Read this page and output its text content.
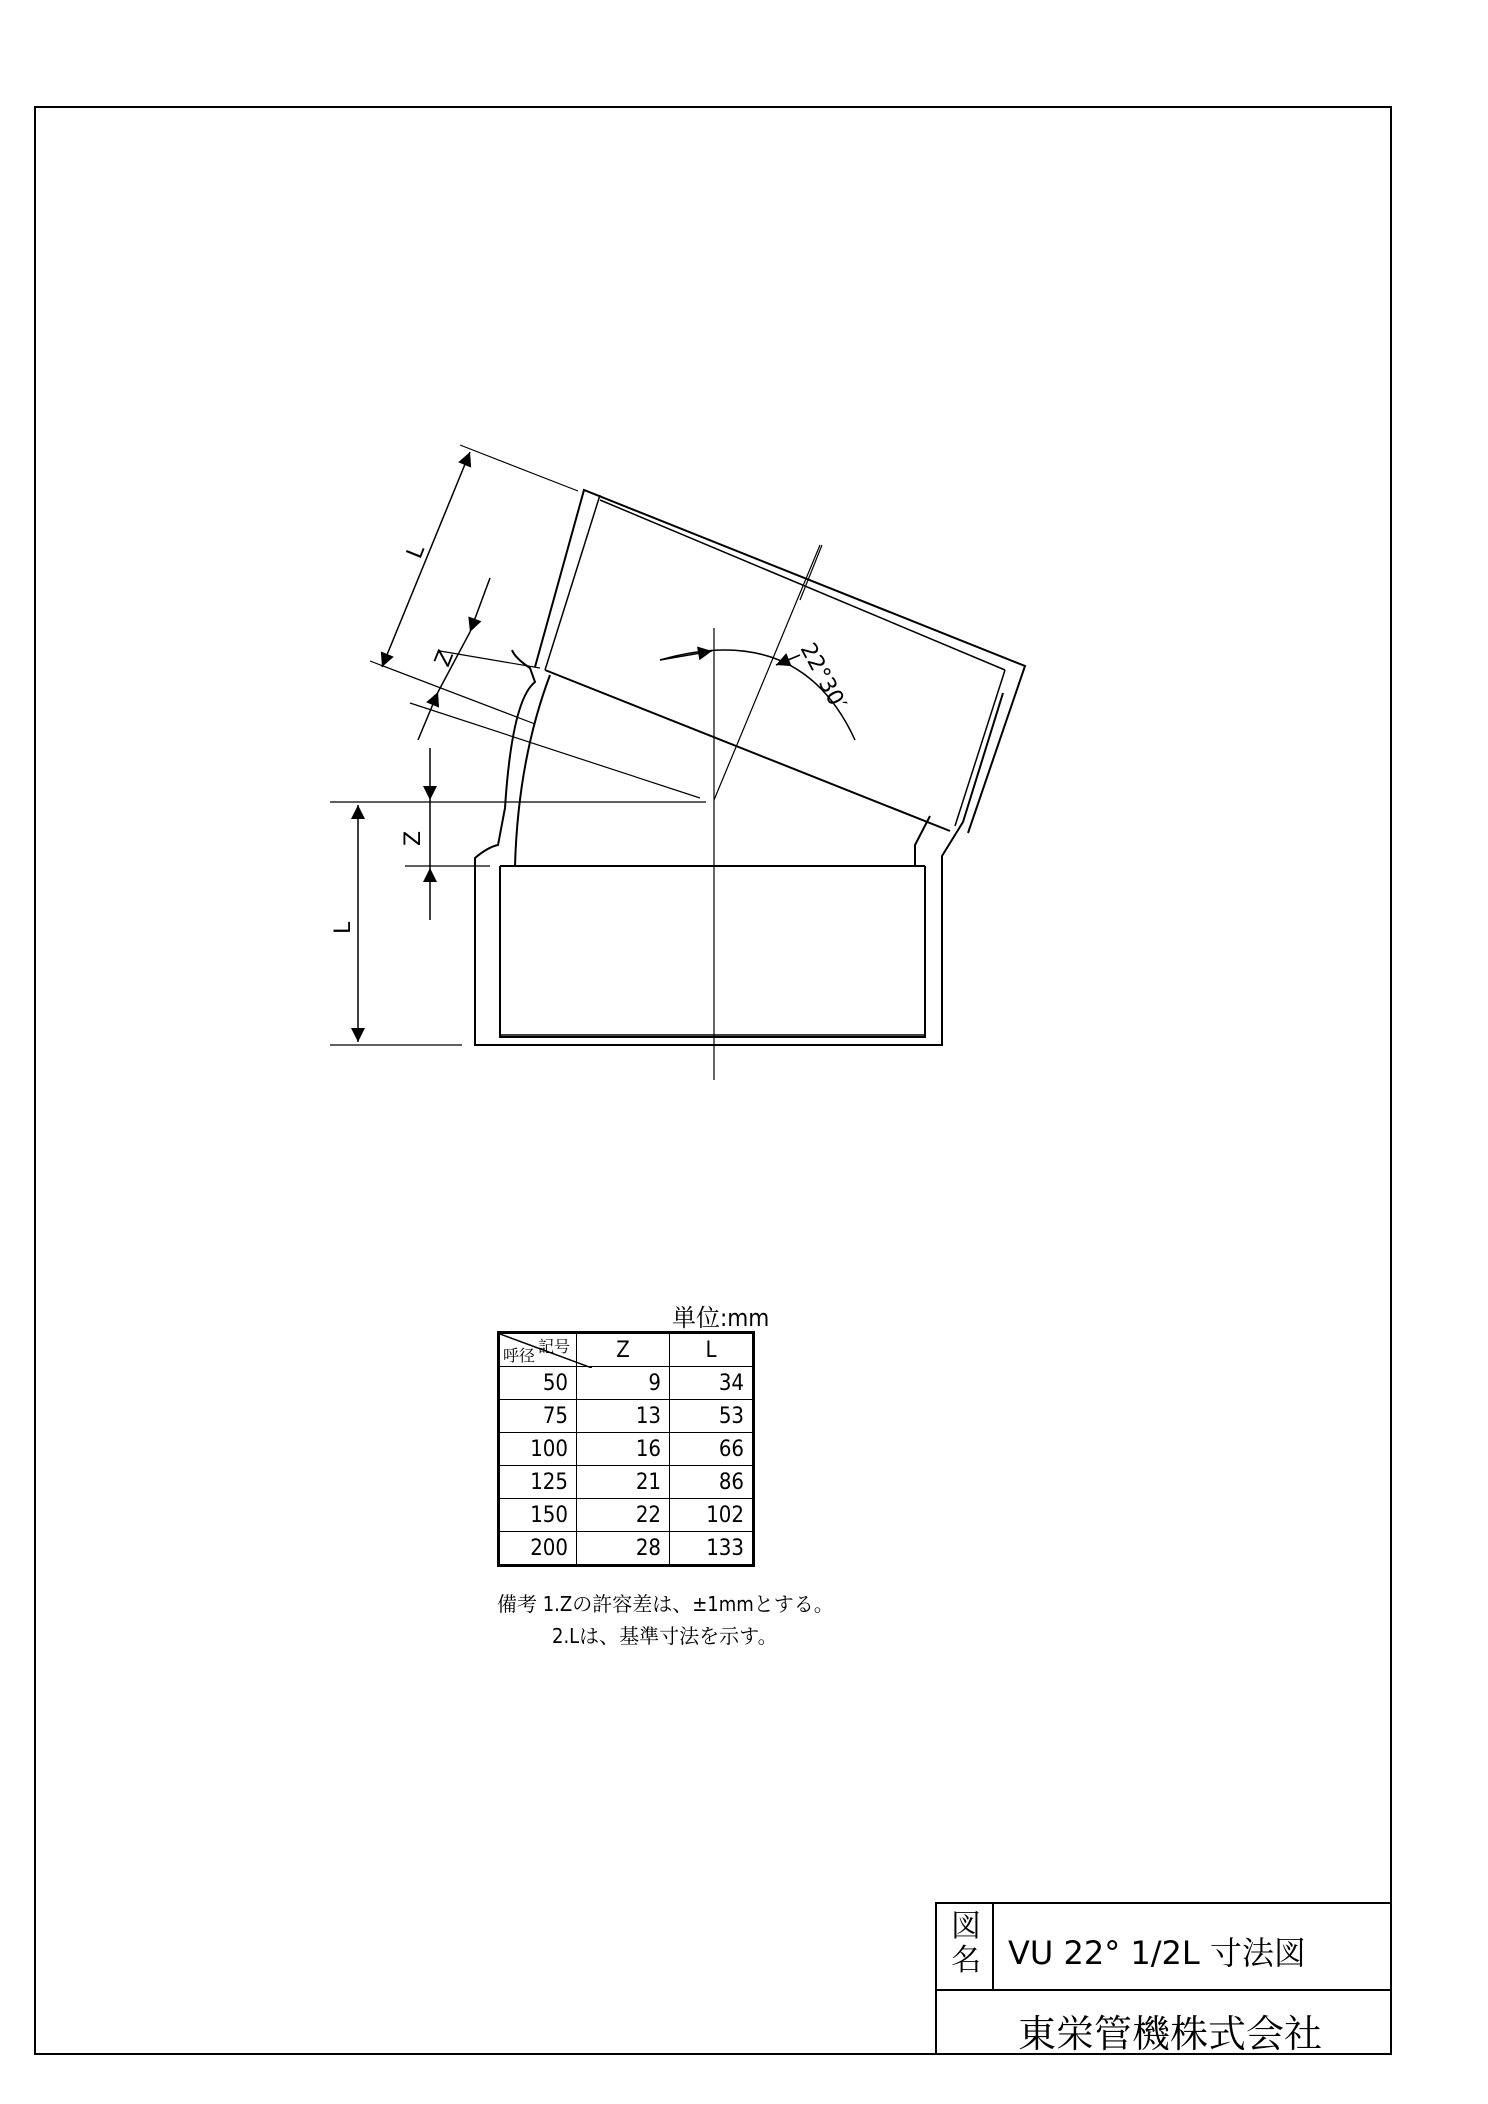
L
Z
Z
L
22°30′
単位:mm
記号
呼径	Z	L
50	9	34
75	13	53
100	16	66
125	21	86
150	22	102
200	28	133
備考 1.Zの許容差は、±1mmとする。
2.Lは、基準寸法を示す。
図
名 VU 22° 1/2L 寸法図
東栄管機株式会社
